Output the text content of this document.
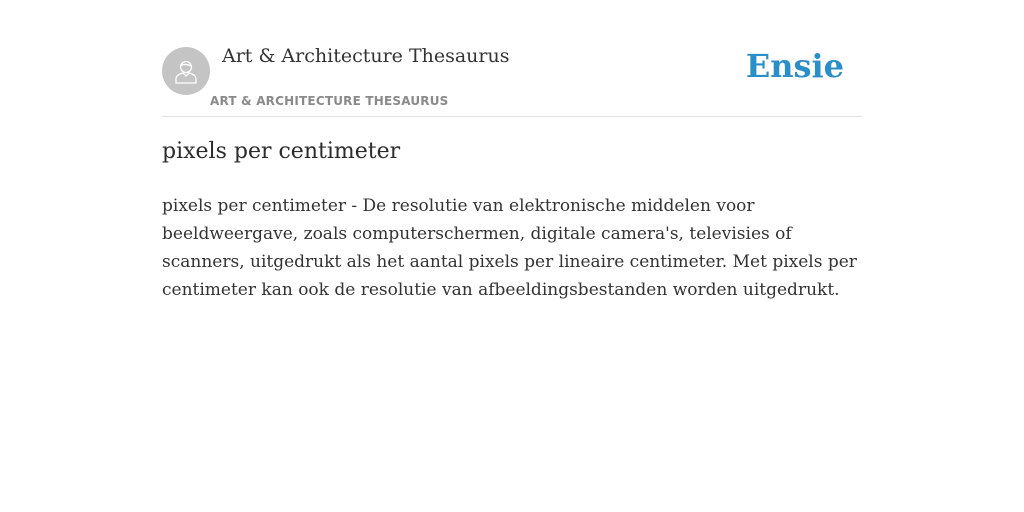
Art & Architecture Thesaurus
ART & ARCHITECTURE THESAURUS
Ensie
pixels per centimeter

pixels per centimeter - De resolutie van elektronische middelen voor beeldweergave, zoals computerschermen, digitale camera's, televisies of scanners, uitgedrukt als het aantal pixels per lineaire centimeter. Met pixels per centimeter kan ook de resolutie van afbeeldingsbestanden worden uitgedrukt.
